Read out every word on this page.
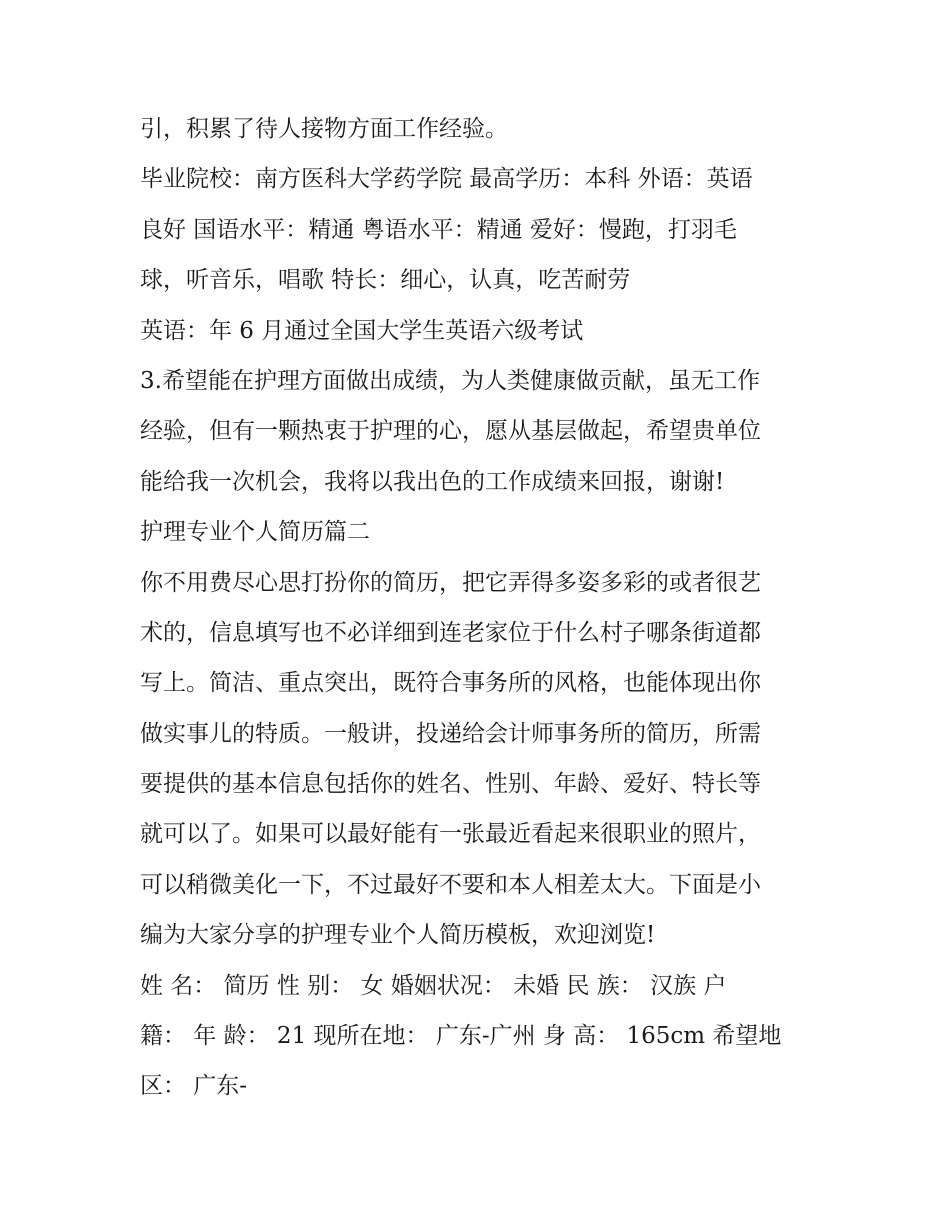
引，积累了待人接物方面工作经验。
毕业院校：南方医科大学药学院 最高学历：本科 外语：英语
良好 国语水平：精通 粤语水平：精通 爱好：慢跑，打羽毛
球，听音乐，唱歌 特长：细心，认真，吃苦耐劳
英语：年 6 月通过全国大学生英语六级考试
3.希望能在护理方面做出成绩，为人类健康做贡献，虽无工作
经验，但有一颗热衷于护理的心，愿从基层做起，希望贵单位
能给我一次机会，我将以我出色的工作成绩来回报，谢谢!
护理专业个人简历篇二
你不用费尽心思打扮你的简历，把它弄得多姿多彩的或者很艺
术的，信息填写也不必详细到连老家位于什么村子哪条街道都
写上。简洁、重点突出，既符合事务所的风格，也能体现出你
做实事儿的特质。一般讲，投递给会计师事务所的简历，所需
要提供的基本信息包括你的姓名、性别、年龄、爱好、特长等
就可以了。如果可以最好能有一张最近看起来很职业的照片，
可以稍微美化一下，不过最好不要和本人相差太大。下面是小
编为大家分享的护理专业个人简历模板，欢迎浏览!
姓 名： 简历 性 别： 女 婚姻状况： 未婚 民 族： 汉族 户
籍： 年 龄： 21 现所在地： 广东-广州 身 高： 165cm 希望地
区： 广东-
